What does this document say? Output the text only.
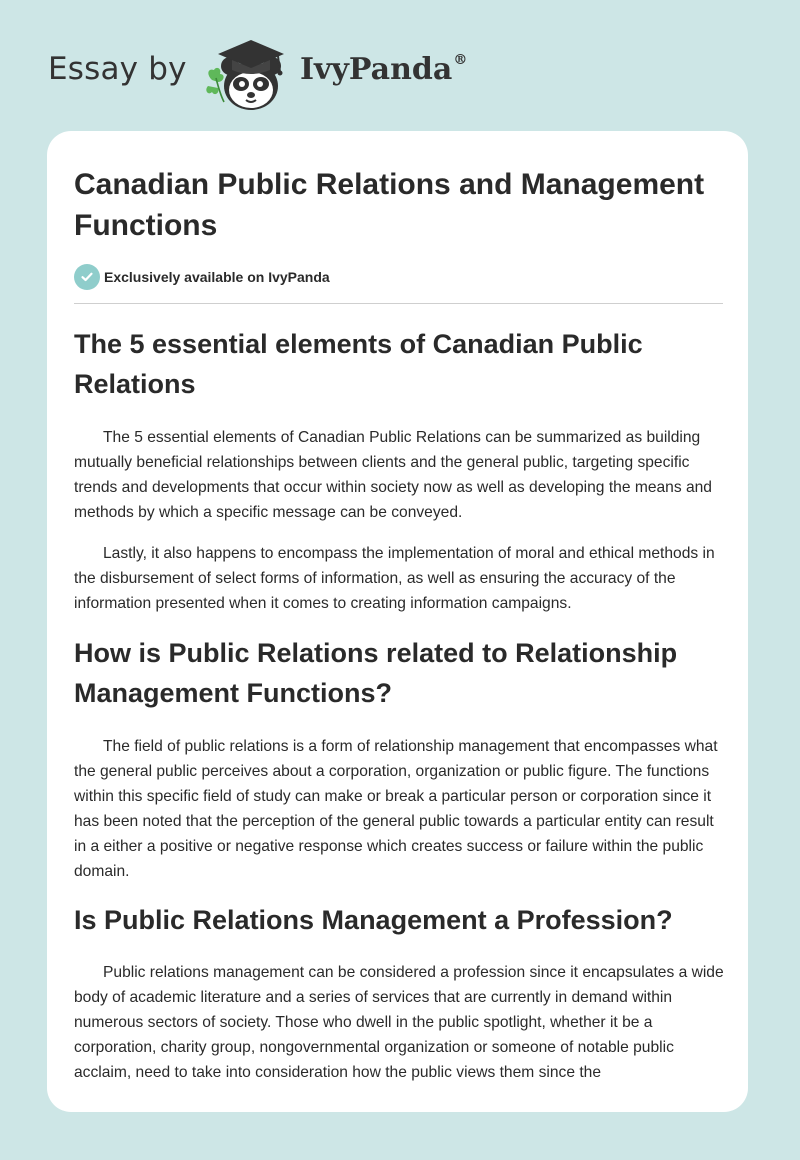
Essay by	IvyPanda®
Canadian Public Relations and Management Functions
Exclusively available on IvyPanda
The 5 essential elements of Canadian Public Relations

The 5 essential elements of Canadian Public Relations can be summarized as building mutually beneficial relationships between clients and the general public, targeting specific trends and developments that occur within society now as well as developing the means and methods by which a specific message can be conveyed.

Lastly, it also happens to encompass the implementation of moral and ethical methods in the disbursement of select forms of information, as well as ensuring the accuracy of the information presented when it comes to creating information campaigns.

How is Public Relations related to Relationship Management Functions?

The field of public relations is a form of relationship management that encompasses what the general public perceives about a corporation, organization or public figure. The functions within this specific field of study can make or break a particular person or corporation since it has been noted that the perception of the general public towards a particular entity can result in a either a positive or negative response which creates success or failure within the public domain.

Is Public Relations Management a Profession?

Public relations management can be considered a profession since it encapsulates a wide body of academic literature and a series of services that are currently in demand within numerous sectors of society. Those who dwell in the public spotlight, whether it be a corporation, charity group, nongovernmental organization or someone of notable public acclaim, need to take into consideration how the public views them since the
